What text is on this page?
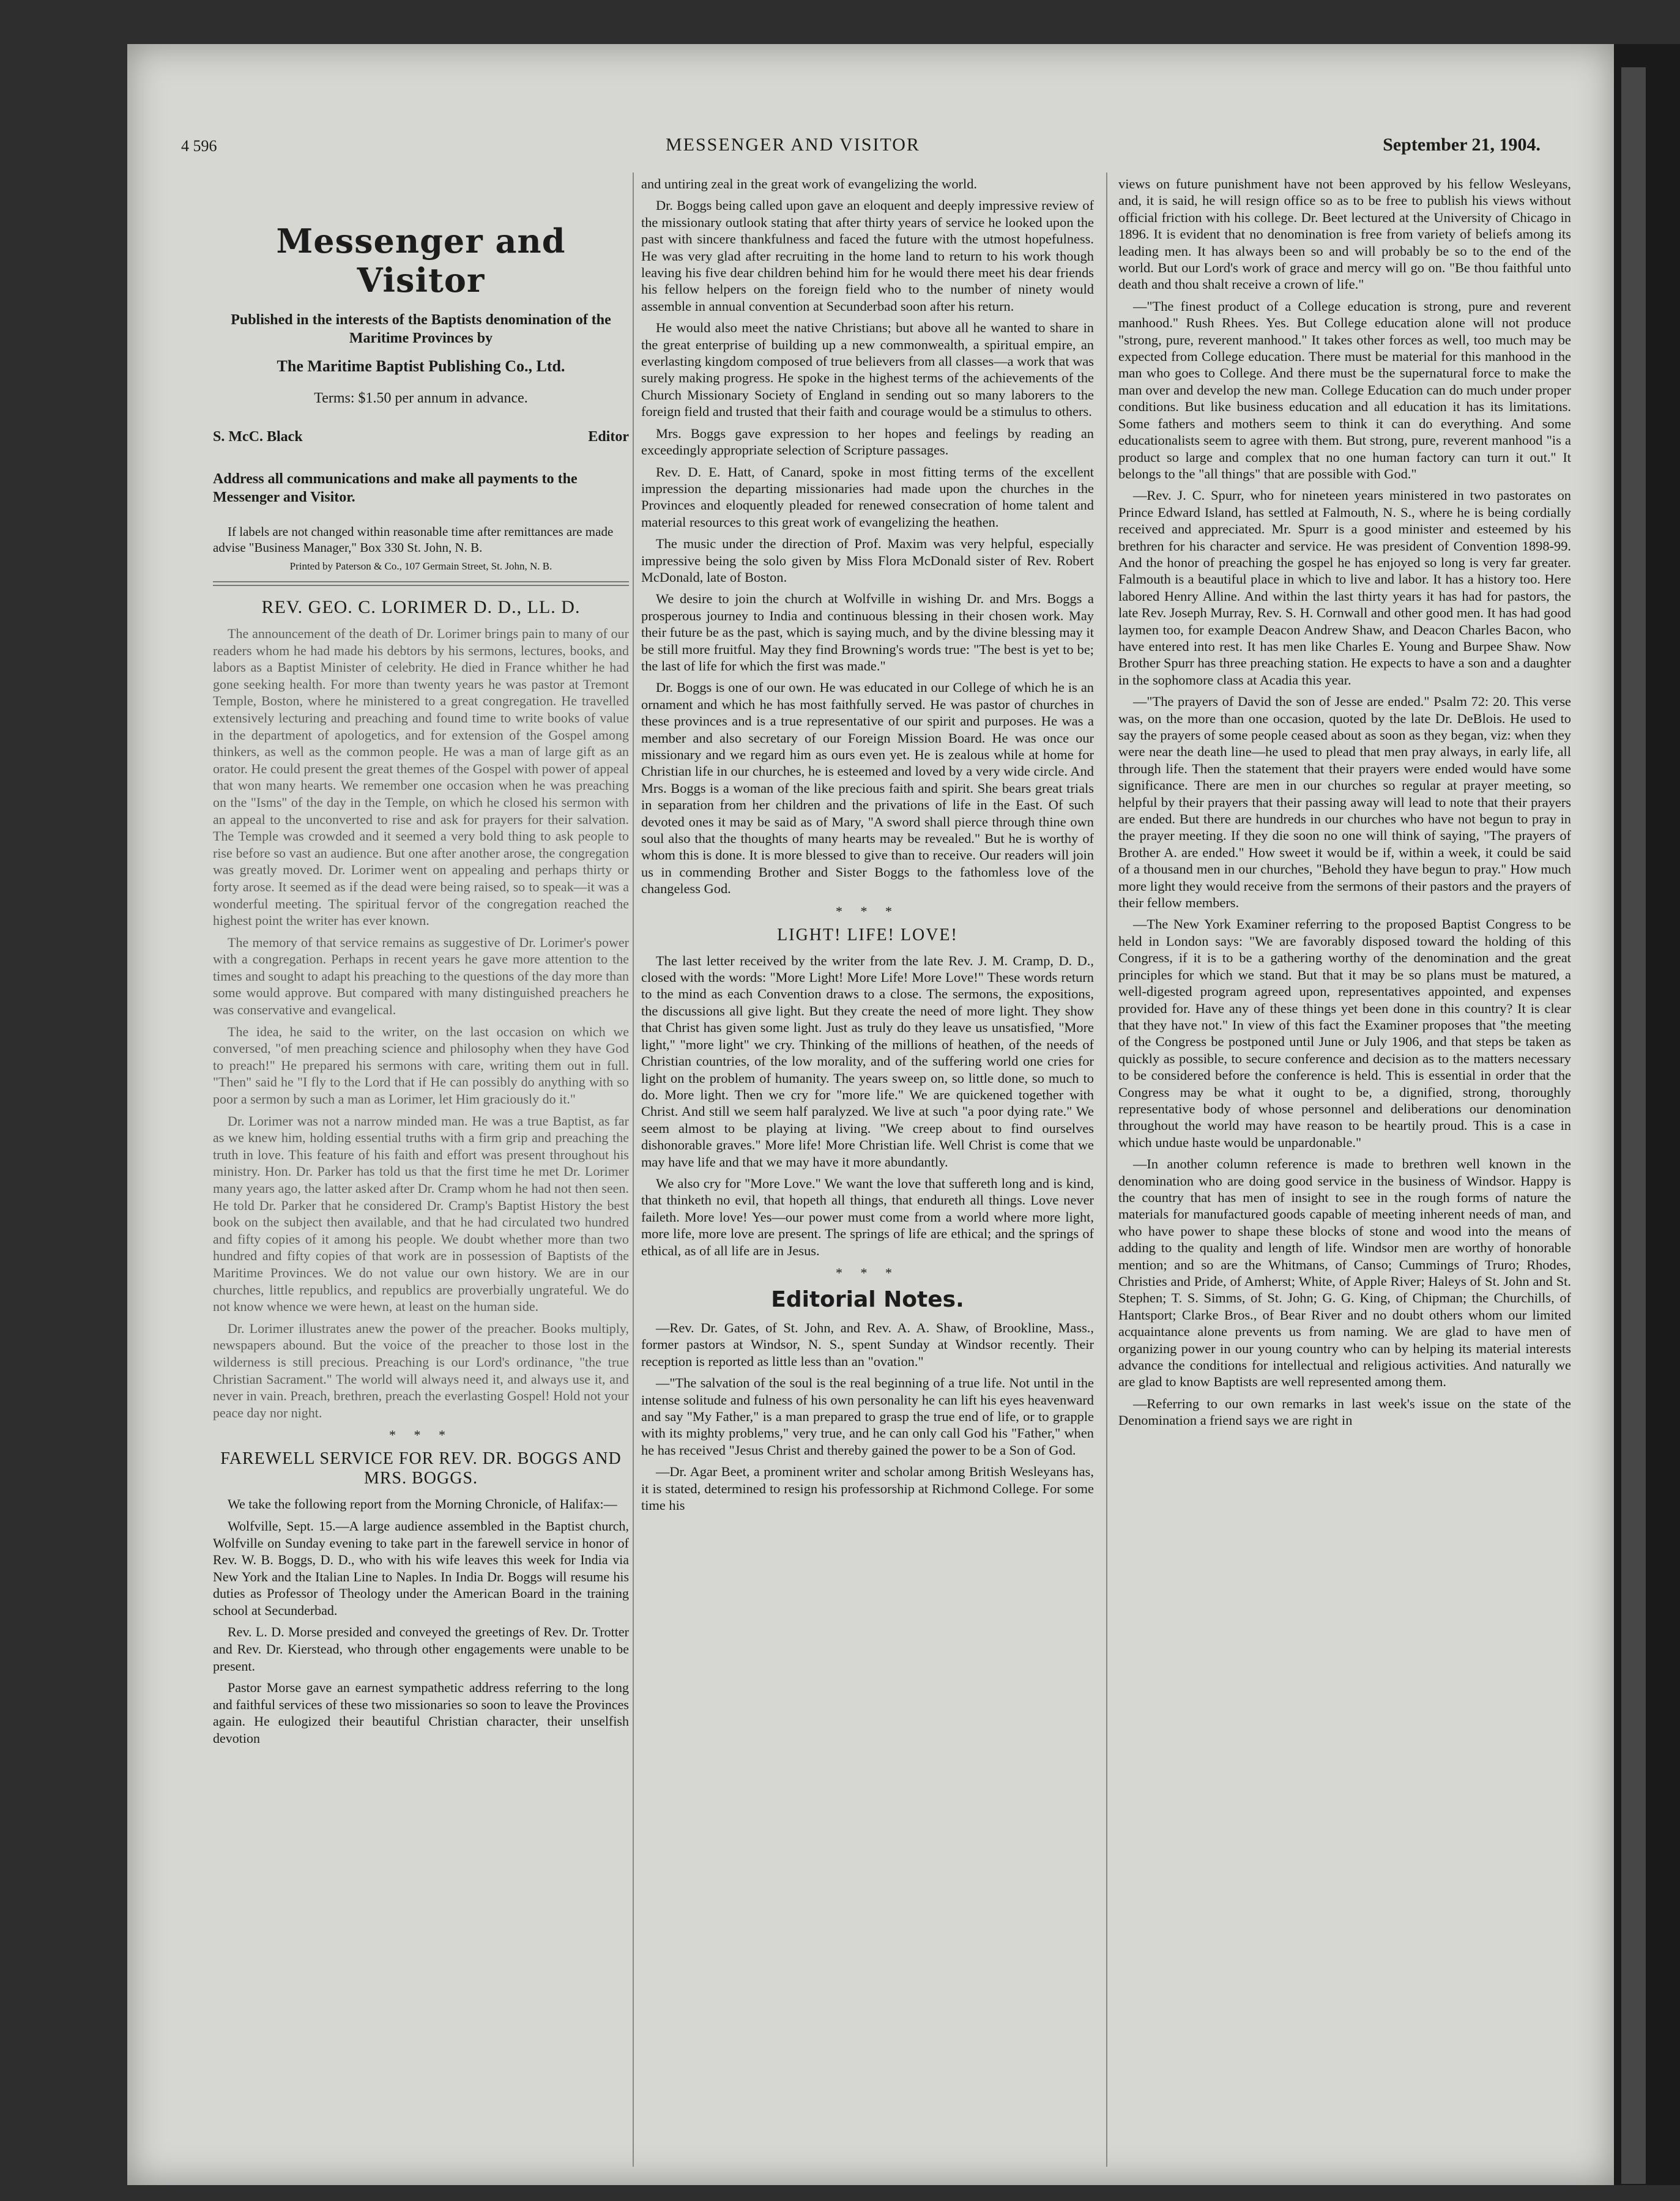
4 596	MESSENGER AND VISITOR	September 21, 1904.
Messenger and Visitor
Published in the interests of the Baptists denomination of the Maritime Provinces by
The Maritime Baptist Publishing Co., Ltd.
Terms: $1.50 per annum in advance.
S. McC. Black	Editor
Address all communications and make all payments to the Messenger and Visitor.
If labels are not changed within reasonable time after remittances are made advise "Business Manager," Box 330 St. John, N. B.
Printed by Paterson & Co., 107 Germain Street, St. John, N. B.
REV. GEO. C. LORIMER D. D., LL. D.

The announcement of the death of Dr. Lorimer brings pain to many of our readers whom he had made his debtors by his sermons, lectures, books, and labors as a Baptist Minister of celebrity. He died in France whither he had gone seeking health. For more than twenty years he was pastor at Tremont Temple, Boston, where he ministered to a great congregation. He travelled extensively lecturing and preaching and found time to write books of value in the department of apologetics, and for extension of the Gospel among thinkers, as well as the common people. He was a man of large gift as an orator. He could present the great themes of the Gospel with power of appeal that won many hearts. We remember one occasion when he was preaching on the "Isms" of the day in the Temple, on which he closed his sermon with an appeal to the unconverted to rise and ask for prayers for their salvation. The Temple was crowded and it seemed a very bold thing to ask people to rise before so vast an audience. But one after another arose, the congregation was greatly moved. Dr. Lorimer went on appealing and perhaps thirty or forty arose. It seemed as if the dead were being raised, so to speak—it was a wonderful meeting. The spiritual fervor of the congregation reached the highest point the writer has ever known.

The memory of that service remains as suggestive of Dr. Lorimer's power with a congregation. Perhaps in recent years he gave more attention to the times and sought to adapt his preaching to the questions of the day more than some would approve. But compared with many distinguished preachers he was conservative and evangelical.

The idea, he said to the writer, on the last occasion on which we conversed, "of men preaching science and philosophy when they have God to preach!" He prepared his sermons with care, writing them out in full. "Then" said he "I fly to the Lord that if He can possibly do anything with so poor a sermon by such a man as Lorimer, let Him graciously do it."

Dr. Lorimer was not a narrow minded man. He was a true Baptist, as far as we knew him, holding essential truths with a firm grip and preaching the truth in love. This feature of his faith and effort was present throughout his ministry. Hon. Dr. Parker has told us that the first time he met Dr. Lorimer many years ago, the latter asked after Dr. Cramp whom he had not then seen. He told Dr. Parker that he considered Dr. Cramp's Baptist History the best book on the subject then available, and that he had circulated two hundred and fifty copies of it among his people. We doubt whether more than two hundred and fifty copies of that work are in possession of Baptists of the Maritime Provinces. We do not value our own history. We are in our churches, little republics, and republics are proverbially ungrateful. We do not know whence we were hewn, at least on the human side.

Dr. Lorimer illustrates anew the power of the preacher. Books multiply, newspapers abound. But the voice of the preacher to those lost in the wilderness is still precious. Preaching is our Lord's ordinance, "the true Christian Sacrament." The world will always need it, and always use it, and never in vain. Preach, brethren, preach the everlasting Gospel! Hold not your peace day nor night.

* * *
FAREWELL SERVICE FOR REV. DR. BOGGS AND MRS. BOGGS.

We take the following report from the Morning Chronicle, of Halifax:—

Wolfville, Sept. 15.—A large audience assembled in the Baptist church, Wolfville on Sunday evening to take part in the farewell service in honor of Rev. W. B. Boggs, D. D., who with his wife leaves this week for India via New York and the Italian Line to Naples. In India Dr. Boggs will resume his duties as Professor of Theology under the American Board in the training school at Secunderbad.

Rev. L. D. Morse presided and conveyed the greetings of Rev. Dr. Trotter and Rev. Dr. Kierstead, who through other engagements were unable to be present.

Pastor Morse gave an earnest sympathetic address referring to the long and faithful services of these two missionaries so soon to leave the Provinces again. He eulogized their beautiful Christian character, their unselfish devotion

and untiring zeal in the great work of evangelizing the world.

Dr. Boggs being called upon gave an eloquent and deeply impressive review of the missionary outlook stating that after thirty years of service he looked upon the past with sincere thankfulness and faced the future with the utmost hopefulness. He was very glad after recruiting in the home land to return to his work though leaving his five dear children behind him for he would there meet his dear friends his fellow helpers on the foreign field who to the number of ninety would assemble in annual convention at Secunderbad soon after his return.

He would also meet the native Christians; but above all he wanted to share in the great enterprise of building up a new commonwealth, a spiritual empire, an everlasting kingdom composed of true believers from all classes—a work that was surely making progress. He spoke in the highest terms of the achievements of the Church Missionary Society of England in sending out so many laborers to the foreign field and trusted that their faith and courage would be a stimulus to others.

Mrs. Boggs gave expression to her hopes and feelings by reading an exceedingly appropriate selection of Scripture passages.

Rev. D. E. Hatt, of Canard, spoke in most fitting terms of the excellent impression the departing missionaries had made upon the churches in the Provinces and eloquently pleaded for renewed consecration of home talent and material resources to this great work of evangelizing the heathen.

The music under the direction of Prof. Maxim was very helpful, especially impressive being the solo given by Miss Flora McDonald sister of Rev. Robert McDonald, late of Boston.

We desire to join the church at Wolfville in wishing Dr. and Mrs. Boggs a prosperous journey to India and continuous blessing in their chosen work. May their future be as the past, which is saying much, and by the divine blessing may it be still more fruitful. May they find Browning's words true: "The best is yet to be; the last of life for which the first was made."

Dr. Boggs is one of our own. He was educated in our College of which he is an ornament and which he has most faithfully served. He was pastor of churches in these provinces and is a true representative of our spirit and purposes. He was a member and also secretary of our Foreign Mission Board. He was once our missionary and we regard him as ours even yet. He is zealous while at home for Christian life in our churches, he is esteemed and loved by a very wide circle. And Mrs. Boggs is a woman of the like precious faith and spirit. She bears great trials in separation from her children and the privations of life in the East. Of such devoted ones it may be said as of Mary, "A sword shall pierce through thine own soul also that the thoughts of many hearts may be revealed." But he is worthy of whom this is done. It is more blessed to give than to receive. Our readers will join us in commending Brother and Sister Boggs to the fathomless love of the changeless God.

* * *
LIGHT! LIFE! LOVE!

The last letter received by the writer from the late Rev. J. M. Cramp, D. D., closed with the words: "More Light! More Life! More Love!" These words return to the mind as each Convention draws to a close. The sermons, the expositions, the discussions all give light. But they create the need of more light. They show that Christ has given some light. Just as truly do they leave us unsatisfied, "More light," "more light" we cry. Thinking of the millions of heathen, of the needs of Christian countries, of the low morality, and of the suffering world one cries for light on the problem of humanity. The years sweep on, so little done, so much to do. More light. Then we cry for "more life." We are quickened together with Christ. And still we seem half paralyzed. We live at such "a poor dying rate." We seem almost to be playing at living. "We creep about to find ourselves dishonorable graves." More life! More Christian life. Well Christ is come that we may have life and that we may have it more abundantly.

We also cry for "More Love." We want the love that suffereth long and is kind, that thinketh no evil, that hopeth all things, that endureth all things. Love never faileth. More love! Yes—our power must come from a world where more light, more life, more love are present. The springs of life are ethical; and the springs of ethical, as of all life are in Jesus.

* * *
Editorial Notes.

—Rev. Dr. Gates, of St. John, and Rev. A. A. Shaw, of Brookline, Mass., former pastors at Windsor, N. S., spent Sunday at Windsor recently. Their reception is reported as little less than an "ovation."

—"The salvation of the soul is the real beginning of a true life. Not until in the intense solitude and fulness of his own personality he can lift his eyes heavenward and say "My Father," is a man prepared to grasp the true end of life, or to grapple with its mighty problems," very true, and he can only call God his "Father," when he has received "Jesus Christ and thereby gained the power to be a Son of God.

—Dr. Agar Beet, a prominent writer and scholar among British Wesleyans has, it is stated, determined to resign his professorship at Richmond College. For some time his

views on future punishment have not been approved by his fellow Wesleyans, and, it is said, he will resign office so as to be free to publish his views without official friction with his college. Dr. Beet lectured at the University of Chicago in 1896. It is evident that no denomination is free from variety of beliefs among its leading men. It has always been so and will probably be so to the end of the world. But our Lord's work of grace and mercy will go on. "Be thou faithful unto death and thou shalt receive a crown of life."

—"The finest product of a College education is strong, pure and reverent manhood." Rush Rhees. Yes. But College education alone will not produce "strong, pure, reverent manhood." It takes other forces as well, too much may be expected from College education. There must be material for this manhood in the man who goes to College. And there must be the supernatural force to make the man over and develop the new man. College Education can do much under proper conditions. But like business education and all education it has its limitations. Some fathers and mothers seem to think it can do everything. And some educationalists seem to agree with them. But strong, pure, reverent manhood "is a product so large and complex that no one human factory can turn it out." It belongs to the "all things" that are possible with God."

—Rev. J. C. Spurr, who for nineteen years ministered in two pastorates on Prince Edward Island, has settled at Falmouth, N. S., where he is being cordially received and appreciated. Mr. Spurr is a good minister and esteemed by his brethren for his character and service. He was president of Convention 1898-99. And the honor of preaching the gospel he has enjoyed so long is very far greater. Falmouth is a beautiful place in which to live and labor. It has a history too. Here labored Henry Alline. And within the last thirty years it has had for pastors, the late Rev. Joseph Murray, Rev. S. H. Cornwall and other good men. It has had good laymen too, for example Deacon Andrew Shaw, and Deacon Charles Bacon, who have entered into rest. It has men like Charles E. Young and Burpee Shaw. Now Brother Spurr has three preaching station. He expects to have a son and a daughter in the sophomore class at Acadia this year.

—"The prayers of David the son of Jesse are ended." Psalm 72: 20. This verse was, on the more than one occasion, quoted by the late Dr. DeBlois. He used to say the prayers of some people ceased about as soon as they began, viz: when they were near the death line—he used to plead that men pray always, in early life, all through life. Then the statement that their prayers were ended would have some significance. There are men in our churches so regular at prayer meeting, so helpful by their prayers that their passing away will lead to note that their prayers are ended. But there are hundreds in our churches who have not begun to pray in the prayer meeting. If they die soon no one will think of saying, "The prayers of Brother A. are ended." How sweet it would be if, within a week, it could be said of a thousand men in our churches, "Behold they have begun to pray." How much more light they would receive from the sermons of their pastors and the prayers of their fellow members.

—The New York Examiner referring to the proposed Baptist Congress to be held in London says: "We are favorably disposed toward the holding of this Congress, if it is to be a gathering worthy of the denomination and the great principles for which we stand. But that it may be so plans must be matured, a well-digested program agreed upon, representatives appointed, and expenses provided for. Have any of these things yet been done in this country? It is clear that they have not." In view of this fact the Examiner proposes that "the meeting of the Congress be postponed until June or July 1906, and that steps be taken as quickly as possible, to secure conference and decision as to the matters necessary to be considered before the conference is held. This is essential in order that the Congress may be what it ought to be, a dignified, strong, thoroughly representative body of whose personnel and deliberations our denomination throughout the world may have reason to be heartily proud. This is a case in which undue haste would be unpardonable."

—In another column reference is made to brethren well known in the denomination who are doing good service in the business of Windsor. Happy is the country that has men of insight to see in the rough forms of nature the materials for manufactured goods capable of meeting inherent needs of man, and who have power to shape these blocks of stone and wood into the means of adding to the quality and length of life. Windsor men are worthy of honorable mention; and so are the Whitmans, of Canso; Cummings of Truro; Rhodes, Christies and Pride, of Amherst; White, of Apple River; Haleys of St. John and St. Stephen; T. S. Simms, of St. John; G. G. King, of Chipman; the Churchills, of Hantsport; Clarke Bros., of Bear River and no doubt others whom our limited acquaintance alone prevents us from naming. We are glad to have men of organizing power in our young country who can by helping its material interests advance the conditions for intellectual and religious activities. And naturally we are glad to know Baptists are well represented among them.

—Referring to our own remarks in last week's issue on the state of the Denomination a friend says we are right in
